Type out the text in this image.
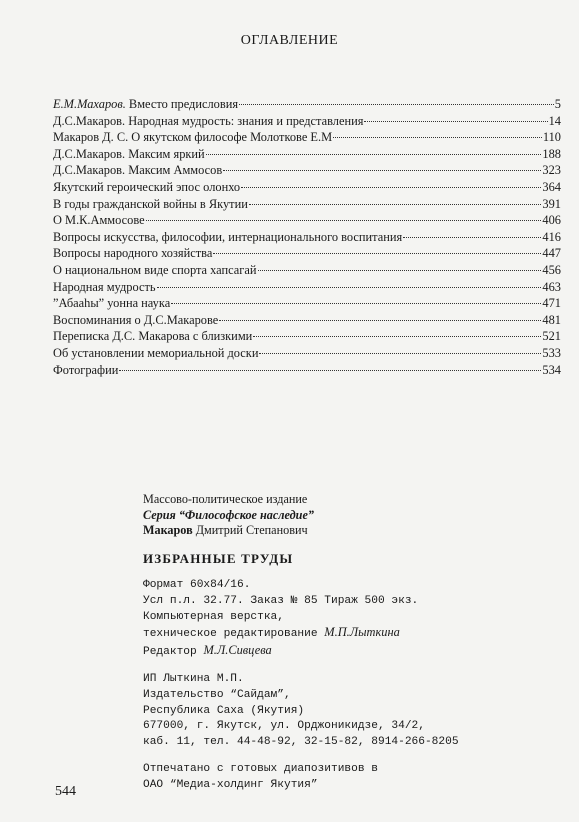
ОГЛАВЛЕНИЕ
Е.М.Махаров. Вместо предисловия	5
Д.С.Макаров. Народная мудрость: знания и представления	14
Макаров Д. С. О якутском философе Молоткове Е.М	110
Д.С.Макаров. Максим яркий	188
Д.С.Макаров. Максим Аммосов	323
Якутский героический эпос олонхо	364
В годы гражданской войны в Якутии	391
О М.К.Аммосове	406
Вопросы искусства, философии, интернационального воспитания	416
Вопросы народного хозяйства	447
О национальном виде спорта хапсагай	456
Народная мудрость	463
”Абааhы” уонна наука	471
Воспоминания о Д.С.Макарове	481
Переписка Д.С. Макарова с близкими	521
Об установлении мемориальной доски	533
Фотографии	534
Массово-политическое издание
Серия “Философское наследие”
Макаров Дмитрий Степанович
ИЗБРАННЫЕ ТРУДЫ
Формат 60х84/16.
Усл п.л. 32.77. Заказ № 85 Тираж 500 экз.
Компьютерная верстка,
техническое редактирование М.П.Лыткина
Редактор М.Л.Сивцева
ИП Лыткина М.П.
Издательство “Сайдам”,
Республика Саха (Якутия)
677000, г. Якутск, ул. Орджоникидзе, 34/2,
каб. 11, тел. 44-48-92, 32-15-82, 8914-266-8205
Отпечатано с готовых диапозитивов в
ОАО “Медиа-холдинг Якутия”
544
